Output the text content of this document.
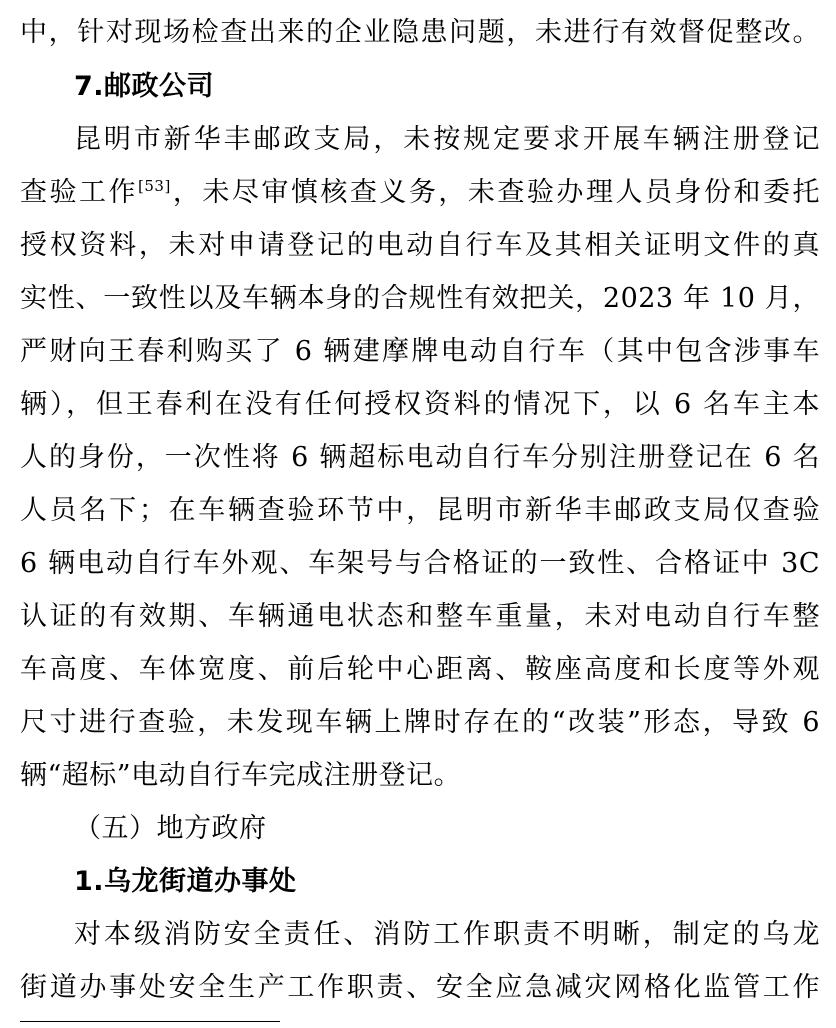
中，针对现场检查出来的企业隐患问题，未进行有效督促整改。
7.邮政公司
昆明市新华丰邮政支局，未按规定要求开展车辆注册登记
查验工作[53]，未尽审慎核查义务，未查验办理人员身份和委托
授权资料，未对申请登记的电动自行车及其相关证明文件的真
实性、一致性以及车辆本身的合规性有效把关，2023 年 10 月，
严财向王春利购买了 6 辆建摩牌电动自行车（其中包含涉事车
辆），但王春利在没有任何授权资料的情况下，以 6 名车主本
人的身份，一次性将 6 辆超标电动自行车分别注册登记在 6 名
人员名下；在车辆查验环节中，昆明市新华丰邮政支局仅查验
6 辆电动自行车外观、车架号与合格证的一致性、合格证中 3C
认证的有效期、车辆通电状态和整车重量，未对电动自行车整
车高度、车体宽度、前后轮中心距离、鞍座高度和长度等外观
尺寸进行查验，未发现车辆上牌时存在的“改装”形态，导致 6
辆“超标”电动自行车完成注册登记。
（五）地方政府
1.乌龙街道办事处
对本级消防安全责任、消防工作职责不明晰，制定的乌龙
街道办事处安全生产工作职责、安全应急减灾网格化监管工作
